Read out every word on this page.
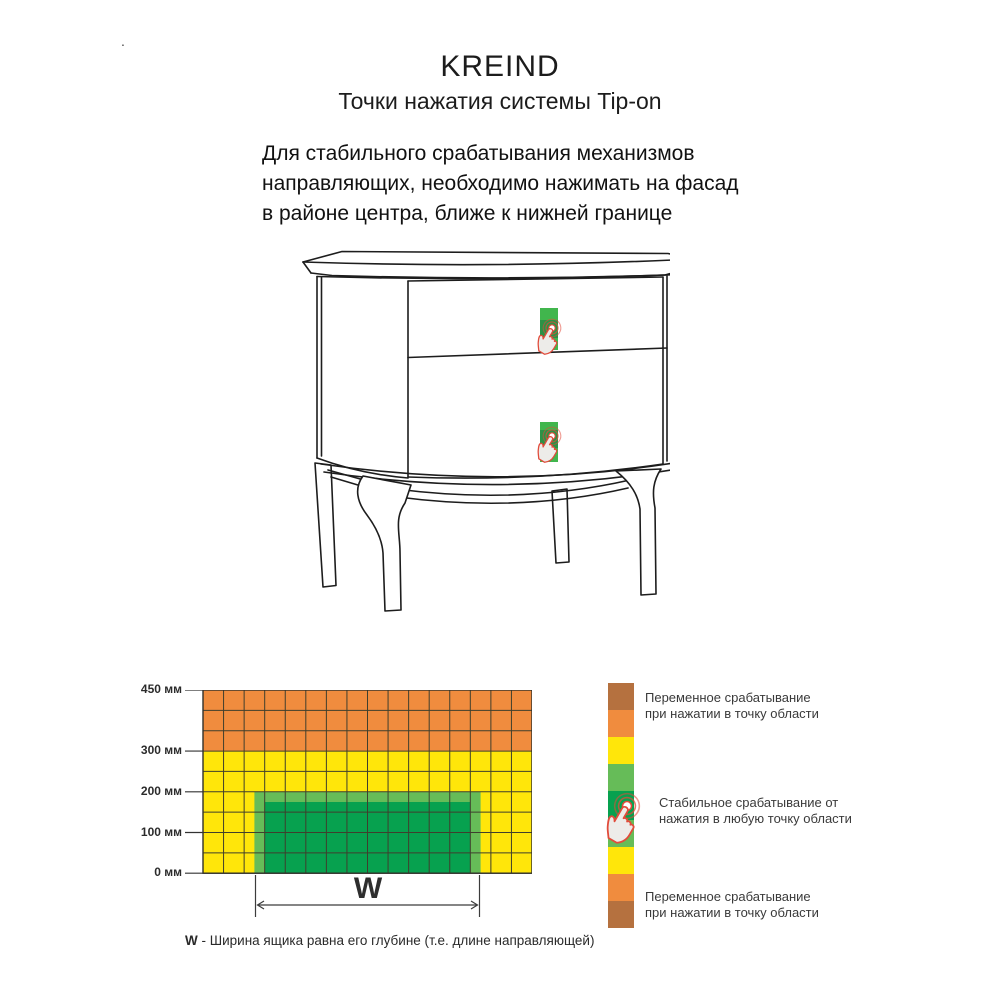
.
KREIND
Точки нажатия системы Tip-on
Для стабильного срабатывания механизмов
направляющих, необходимо нажимать на фасад
в районе центра, ближе к нижней границе
450 мм
300 мм
200 мм
100 мм
0 мм	W
W - Ширина ящика равна его глубине (т.е. длине направляющей)
Переменное срабатывание
при нажатии в точку области
Стабильное срабатывание от
нажатия в любую точку области
Переменное срабатывание
при нажатии в точку области
